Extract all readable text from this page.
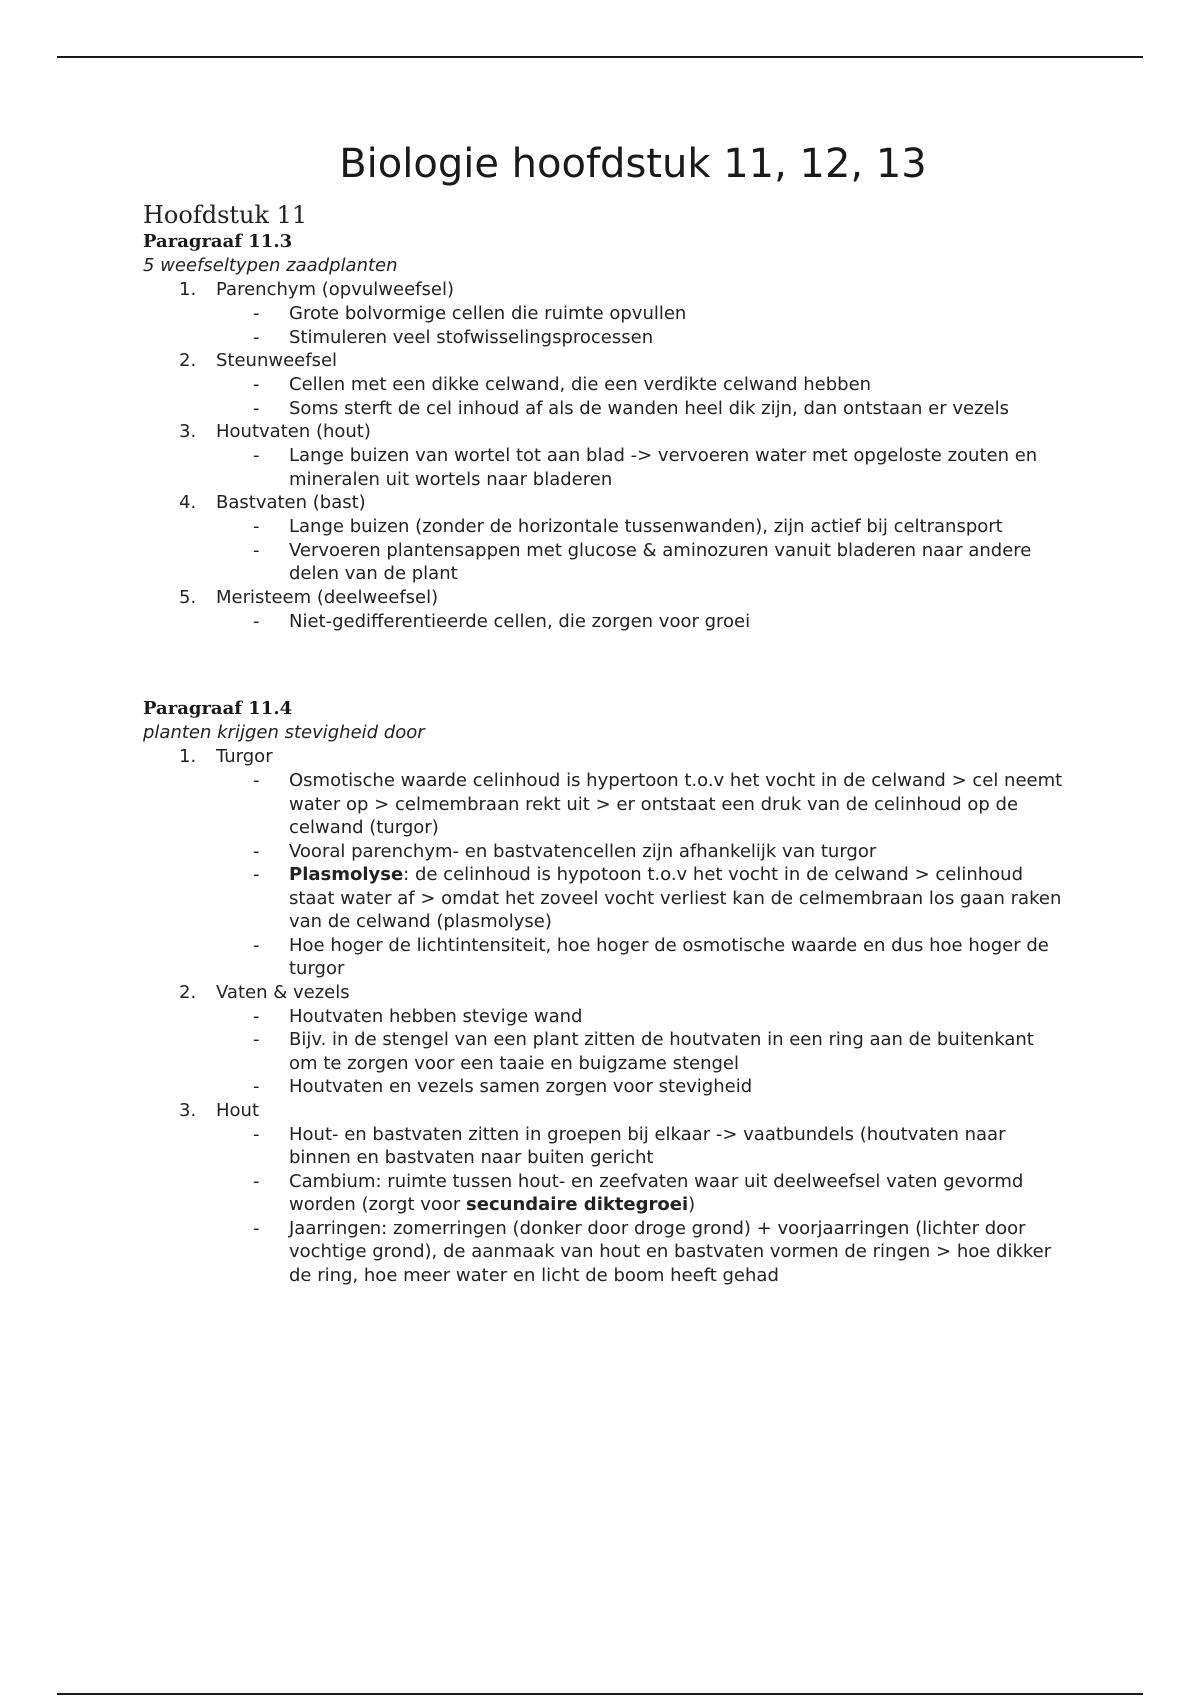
Biologie hoofdstuk 11, 12, 13
Hoofdstuk 11
Paragraaf 11.3
5 weefseltypen zaadplanten
1.	Parenchym (opvulweefsel)
- Grote bolvormige cellen die ruimte opvullen
- Stimuleren veel stofwisselingsprocessen
2.	Steunweefsel
- Cellen met een dikke celwand, die een verdikte celwand hebben
- Soms sterft de cel inhoud af als de wanden heel dik zijn, dan ontstaan er vezels
3.	Houtvaten (hout)
- Lange buizen van wortel tot aan blad -> vervoeren water met opgeloste zouten en mineralen uit wortels naar bladeren
4.	Bastvaten (bast)
- Lange buizen (zonder de horizontale tussenwanden), zijn actief bij celtransport
- Vervoeren plantensappen met glucose & aminozuren vanuit bladeren naar andere delen van de plant
5.	Meristeem (deelweefsel)
- Niet-gedifferentieerde cellen, die zorgen voor groei
Paragraaf 11.4
planten krijgen stevigheid door
1.	Turgor
- Osmotische waarde celinhoud is hypertoon t.o.v het vocht in de celwand > cel neemt water op > celmembraan rekt uit > er ontstaat een druk van de celinhoud op de celwand (turgor)
- Vooral parenchym- en bastvatencellen zijn afhankelijk van turgor
- Plasmolyse: de celinhoud is hypotoon t.o.v het vocht in de celwand > celinhoud staat water af > omdat het zoveel vocht verliest kan de celmembraan los gaan raken van de celwand (plasmolyse)
- Hoe hoger de lichtintensiteit, hoe hoger de osmotische waarde en dus hoe hoger de turgor
2.	Vaten & vezels
- Houtvaten hebben stevige wand
- Bijv. in de stengel van een plant zitten de houtvaten in een ring aan de buitenkant om te zorgen voor een taaie en buigzame stengel
- Houtvaten en vezels samen zorgen voor stevigheid
3.	Hout
- Hout- en bastvaten zitten in groepen bij elkaar -> vaatbundels (houtvaten naar binnen en bastvaten naar buiten gericht
- Cambium: ruimte tussen hout- en zeefvaten waar uit deelweefsel vaten gevormd worden (zorgt voor secundaire diktegroei)
- Jaarringen: zomerringen (donker door droge grond) + voorjaarringen (lichter door vochtige grond), de aanmaak van hout en bastvaten vormen de ringen > hoe dikker de ring, hoe meer water en licht de boom heeft gehad
